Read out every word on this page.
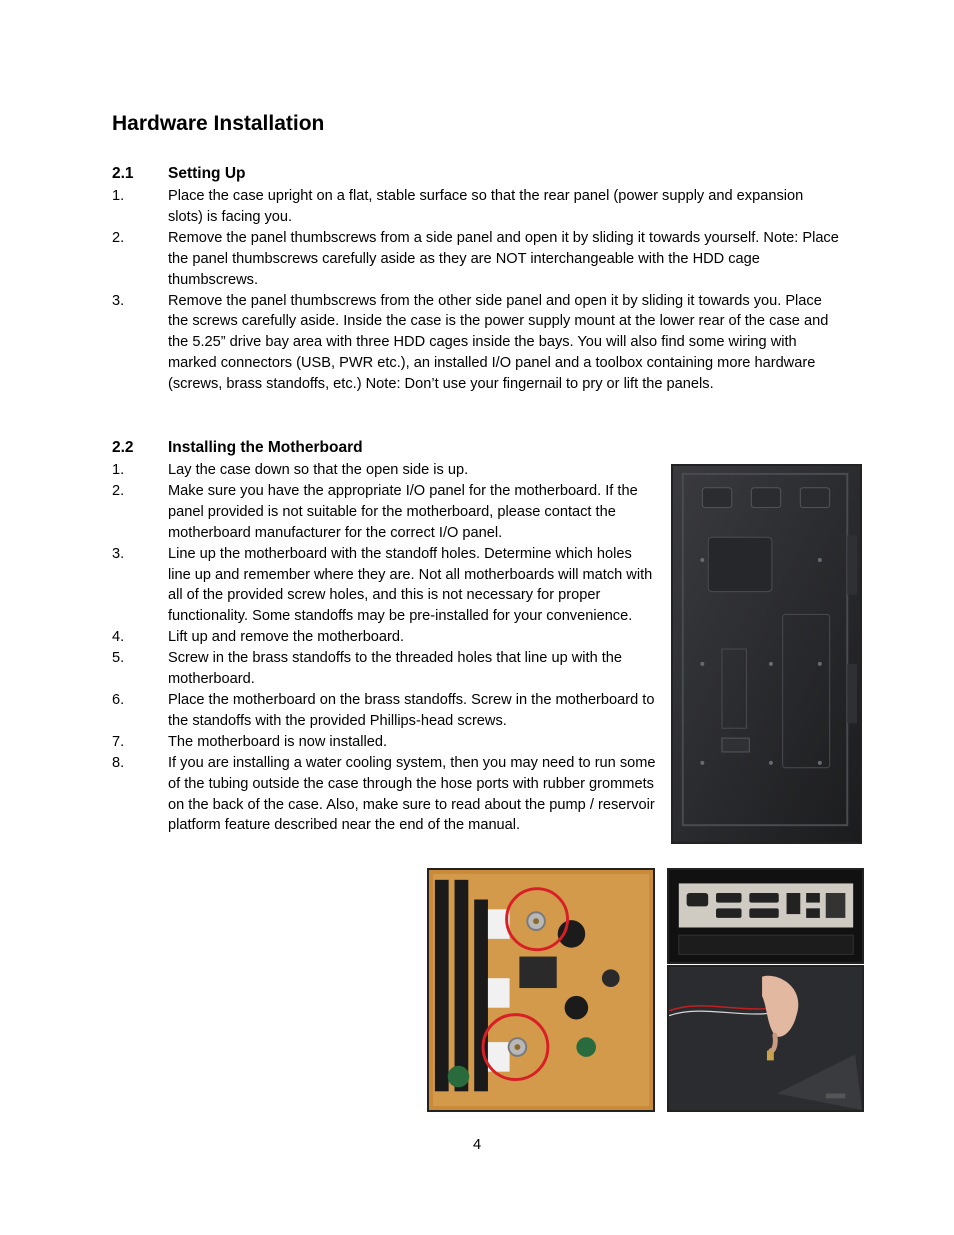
Hardware Installation
2.1 Setting Up
1.	Place the case upright on a flat, stable surface so that the rear panel (power supply and expansion slots) is facing you.
2.	Remove the panel thumbscrews from a side panel and open it by sliding it towards yourself. Note: Place the panel thumbscrews carefully aside as they are NOT interchangeable with the HDD cage thumbscrews.
3.	Remove the panel thumbscrews from the other side panel and open it by sliding it towards you. Place the screws carefully aside. Inside the case is the power supply mount at the lower rear of the case and the 5.25” drive bay area with three HDD cages inside the bays. You will also find some wiring with marked connectors (USB, PWR etc.), an installed I/O panel and a toolbox containing more hardware (screws, brass standoffs, etc.) Note: Don’t use your fingernail to pry or lift the panels.
2.2 Installing the Motherboard
1.	Lay the case down so that the open side is up.
2.	Make sure you have the appropriate I/O panel for the motherboard. If the panel provided is not suitable for the motherboard, please contact the motherboard manufacturer for the correct I/O panel.
3.	Line up the motherboard with the standoff holes. Determine which holes line up and remember where they are. Not all motherboards will match with all of the provided screw holes, and this is not necessary for proper functionality. Some standoffs may be pre-installed for your convenience.
4.	Lift up and remove the motherboard.
5.	Screw in the brass standoffs to the threaded holes that line up with the motherboard.
6.	Place the motherboard on the brass standoffs. Screw in the motherboard to the standoffs with the provided Phillips-head screws.
7.	The motherboard is now installed.
8.	If you are installing a water cooling system, then you may need to run some of the tubing outside the case through the hose ports with rubber grommets on the back of the case. Also, make sure to read about the pump / reservoir platform feature described near the end of the manual.
4
